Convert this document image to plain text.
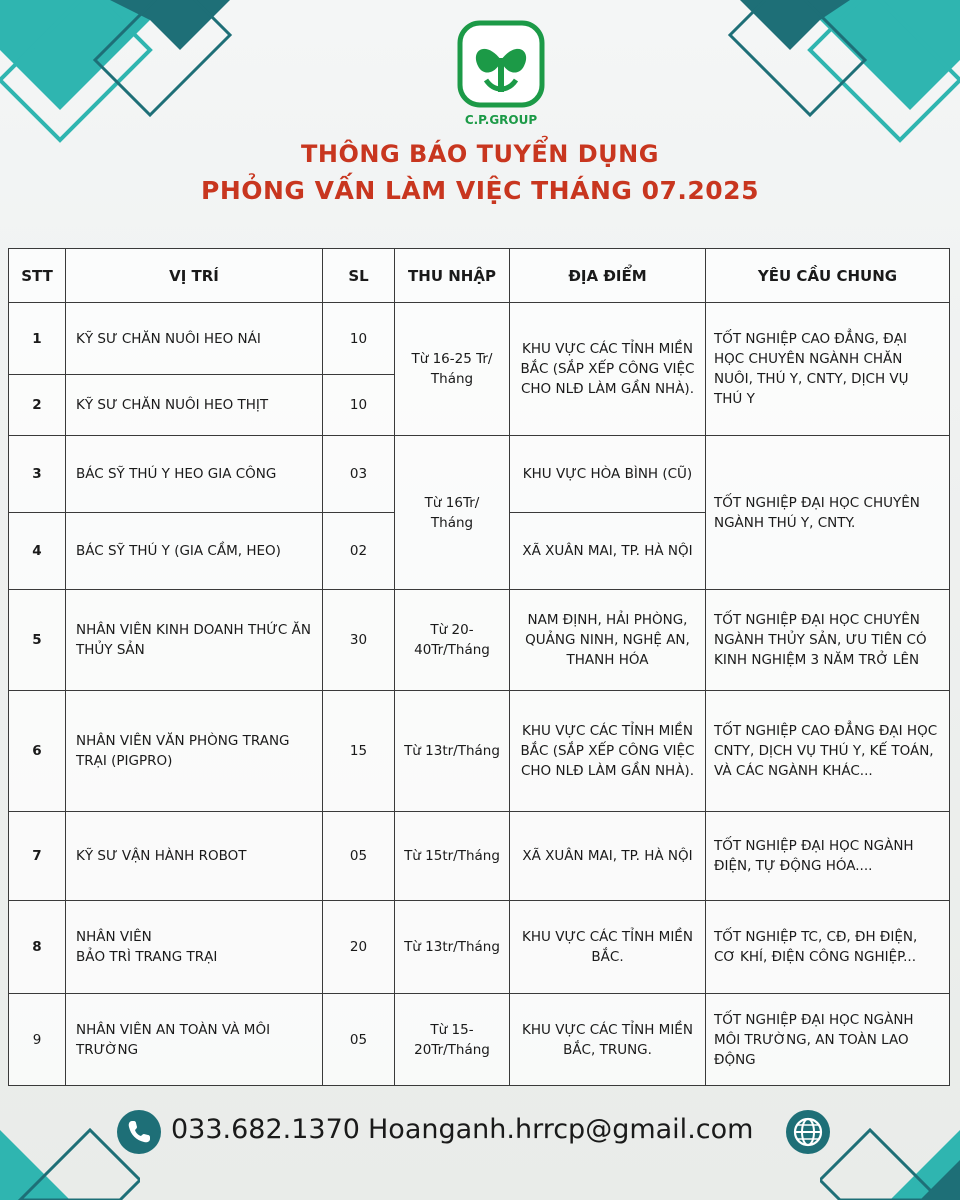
C.P.GROUP
THÔNG BÁO TUYỂN DỤNG
PHỎNG VẤN LÀM VIỆC THÁNG 07.2025
STT	VỊ TRÍ	SL	THU NHẬP	ĐỊA ĐIỂM	YÊU CẦU CHUNG
1	KỸ SƯ CHĂN NUÔI HEO NÁI	10	Từ 16-25 Tr/ Tháng	KHU VỰC CÁC TỈNH MIỀN BẮC (SẮP XẾP CÔNG VIỆC CHO NLĐ LÀM GẦN NHÀ).	TỐT NGHIỆP CAO ĐẲNG, ĐẠI HỌC CHUYÊN NGÀNH CHĂN NUÔI, THÚ Y, CNTY, DỊCH VỤ THÚ Y
2	KỸ SƯ CHĂN NUÔI HEO THỊT	10			
3	BÁC SỸ THÚ Y HEO GIA CÔNG	03	Từ 16Tr/ Tháng	KHU VỰC HÒA BÌNH (CŨ)	TỐT NGHIỆP ĐẠI HỌC CHUYÊN NGÀNH THÚ Y, CNTY.
4	BÁC SỸ THÚ Y (GIA CẦM, HEO)	02		XÃ XUÂN MAI, TP. HÀ NỘI	
5	NHÂN VIÊN KINH DOANH THỨC ĂN THỦY SẢN	30	Từ 20-40Tr/Tháng	NAM ĐỊNH, HẢI PHÒNG, QUẢNG NINH, NGHỆ AN, THANH HÓA	TỐT NGHIỆP ĐẠI HỌC CHUYÊN NGÀNH THỦY SẢN, ƯU TIÊN CÓ KINH NGHIỆM 3 NĂM TRỞ LÊN
6	NHÂN VIÊN VĂN PHÒNG TRANG TRẠI (PIGPRO)	15	Từ 13tr/Tháng	KHU VỰC CÁC TỈNH MIỀN BẮC (SẮP XẾP CÔNG VIỆC CHO NLĐ LÀM GẦN NHÀ).	TỐT NGHIỆP CAO ĐẲNG ĐẠI HỌC CNTY, DỊCH VỤ THÚ Y, KẾ TOÁN, VÀ CÁC NGÀNH KHÁC...
7	KỸ SƯ VẬN HÀNH ROBOT	05	Từ 15tr/Tháng	XÃ XUÂN MAI, TP. HÀ NỘI	TỐT NGHIỆP ĐẠI HỌC NGÀNH ĐIỆN, TỰ ĐỘNG HÓA....
8	NHÂN VIÊN
BẢO TRÌ TRANG TRẠI	20	Từ 13tr/Tháng	KHU VỰC CÁC TỈNH MIỀN BẮC.	TỐT NGHIỆP TC, CĐ, ĐH ĐIỆN, CƠ KHÍ, ĐIỆN CÔNG NGHIỆP...
9	NHÂN VIÊN AN TOÀN VÀ MÔI TRƯỜNG	05	Từ 15-20Tr/Tháng	KHU VỰC CÁC TỈNH MIỀN BẮC, TRUNG.	TỐT NGHIỆP ĐẠI HỌC NGÀNH MÔI TRƯỜNG, AN TOÀN LAO ĐỘNG
033.682.1370 Hoanganh.hrrcp@gmail.com
